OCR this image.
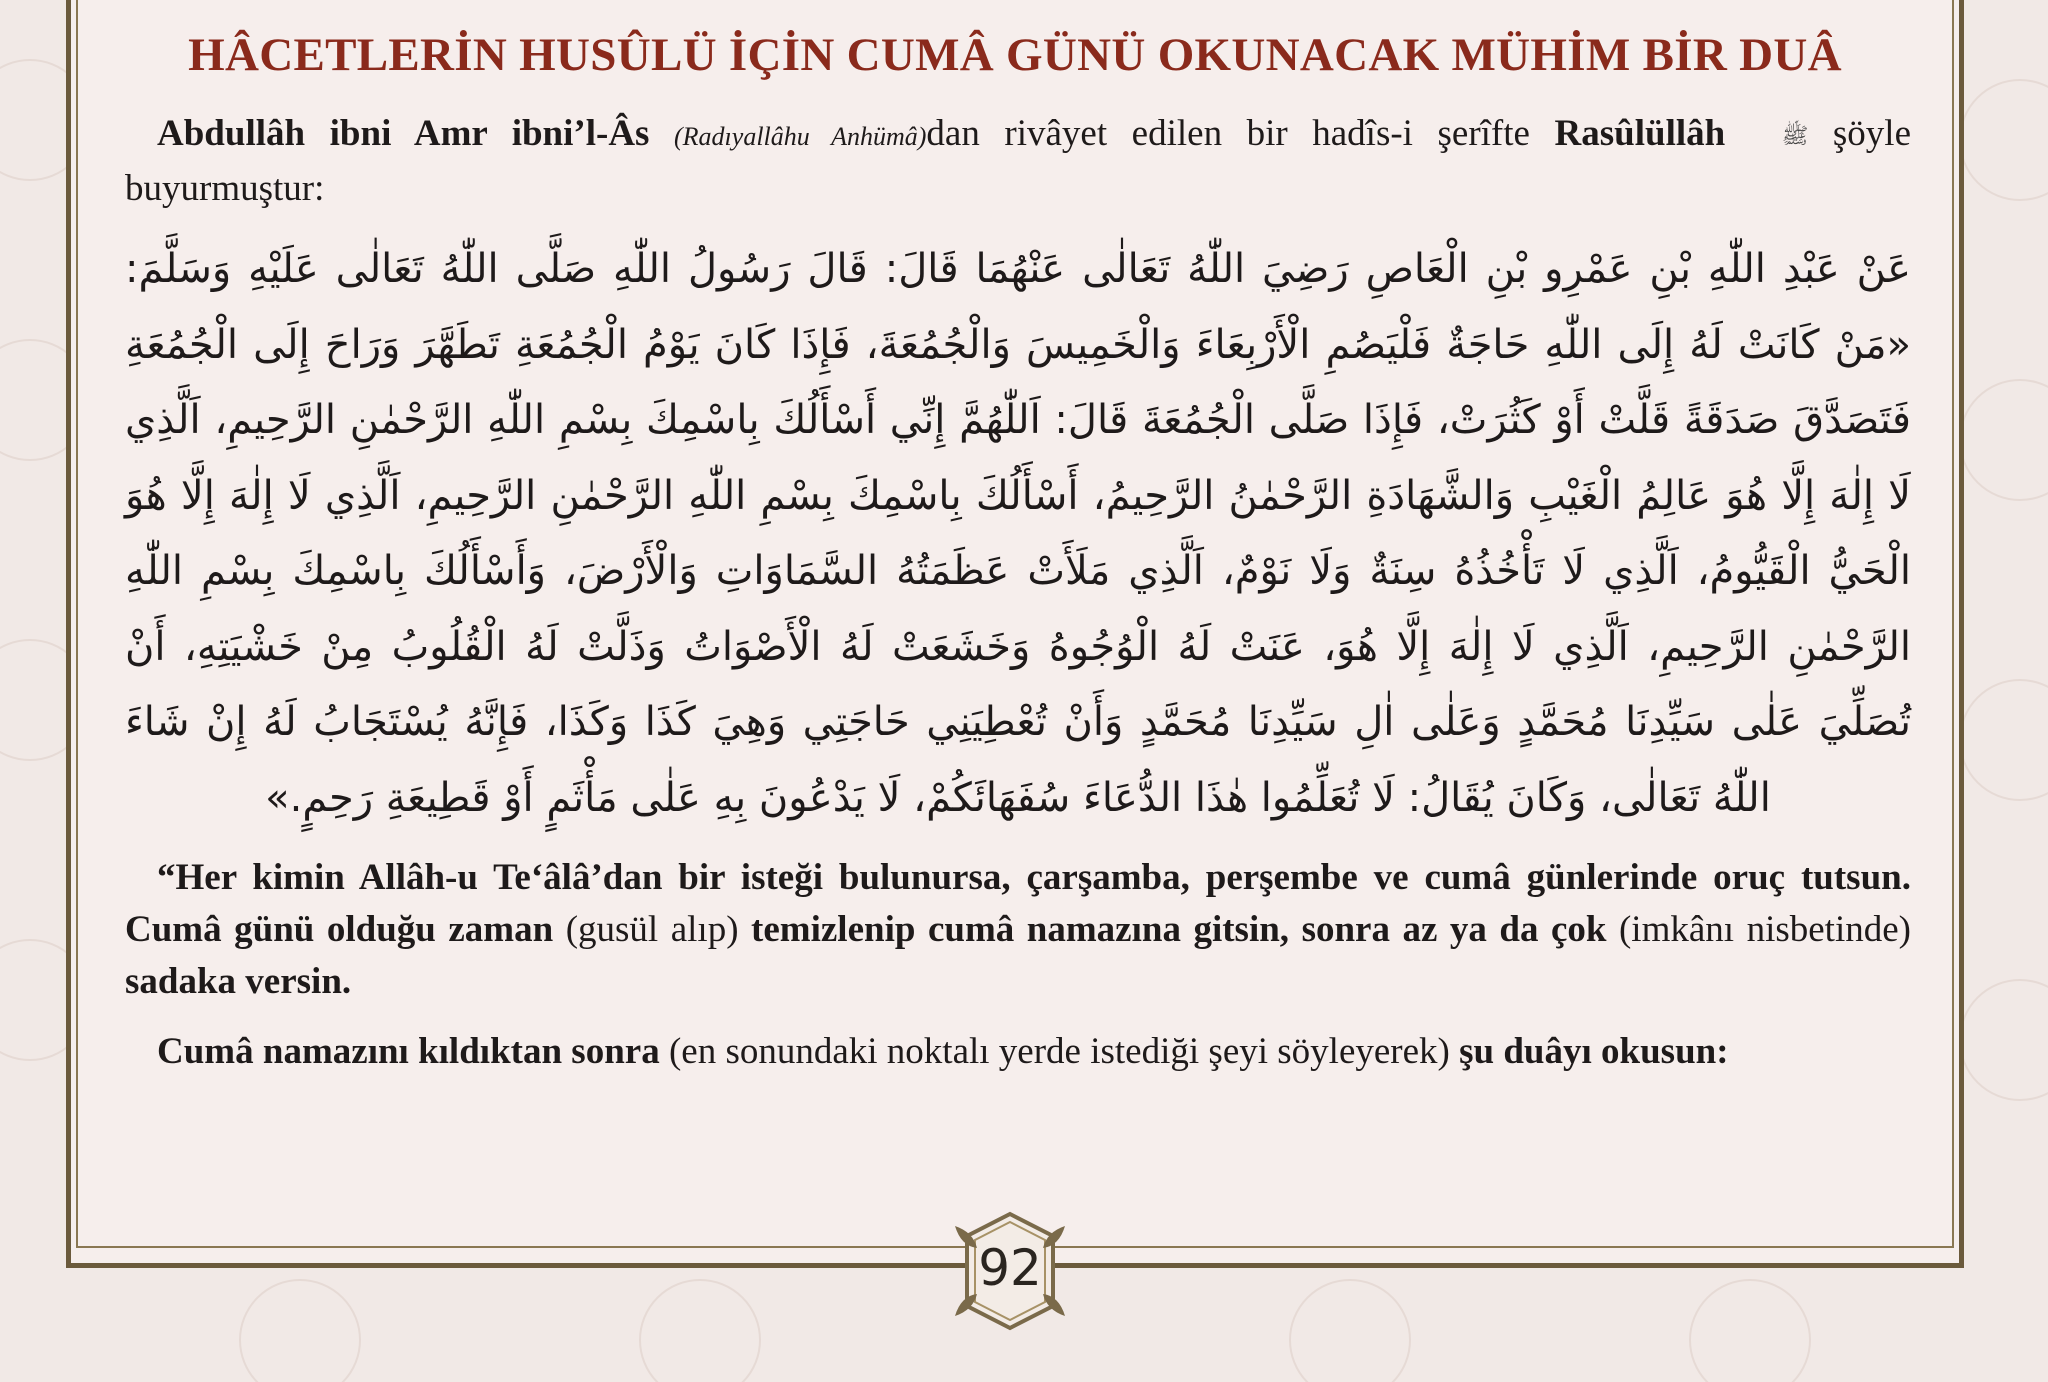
HÂCETLERİN HUSÛLÜ İÇİN CUMÂ GÜNÜ OKUNACAK MÜHİM BİR DUÂ
Abdullâh ibni Amr ibni’l-Âs (Radıyallâhu Anhümâ)dan rivâyet edilen bir hadîs-i şerîfte Rasûlüllâh	ﷺ şöyle buyurmuştur:
عَنْ عَبْدِ اللّٰهِ بْنِ عَمْرِو بْنِ الْعَاصِ رَضِيَ اللّٰهُ تَعَالٰى عَنْهُمَا قَالَ: قَالَ رَسُولُ اللّٰهِ صَلَّى اللّٰهُ تَعَالٰى عَلَيْهِ وَسَلَّمَ: «مَنْ كَانَتْ لَهُ إِلَى اللّٰهِ حَاجَةٌ فَلْيَصُمِ الْأَرْبِعَاءَ وَالْخَمِيسَ وَالْجُمُعَةَ، فَإِذَا كَانَ يَوْمُ الْجُمُعَةِ تَطَهَّرَ وَرَاحَ إِلَى الْجُمُعَةِ فَتَصَدَّقَ صَدَقَةً قَلَّتْ أَوْ كَثُرَتْ، فَإِذَا صَلَّى الْجُمُعَةَ قَالَ: اَللّٰهُمَّ إِنِّي أَسْأَلُكَ بِاسْمِكَ بِسْمِ اللّٰهِ الرَّحْمٰنِ الرَّحِيمِ، اَلَّذِي لَا إِلٰهَ إِلَّا هُوَ عَالِمُ الْغَيْبِ وَالشَّهَادَةِ الرَّحْمٰنُ الرَّحِيمُ، أَسْأَلُكَ بِاسْمِكَ بِسْمِ اللّٰهِ الرَّحْمٰنِ الرَّحِيمِ، اَلَّذِي لَا إِلٰهَ إِلَّا هُوَ الْحَيُّ الْقَيُّومُ، اَلَّذِي لَا تَأْخُذُهُ سِنَةٌ وَلَا نَوْمٌ، اَلَّذِي مَلَأَتْ عَظَمَتُهُ السَّمَاوَاتِ وَالْأَرْضَ، وَأَسْأَلُكَ بِاسْمِكَ بِسْمِ اللّٰهِ الرَّحْمٰنِ الرَّحِيمِ، اَلَّذِي لَا إِلٰهَ إِلَّا هُوَ، عَنَتْ لَهُ الْوُجُوهُ وَخَشَعَتْ لَهُ الْأَصْوَاتُ وَذَلَّتْ لَهُ الْقُلُوبُ مِنْ خَشْيَتِهِ، أَنْ تُصَلِّيَ عَلٰى سَيِّدِنَا مُحَمَّدٍ وَعَلٰى اٰلِ سَيِّدِنَا مُحَمَّدٍ وَأَنْ تُعْطِيَنِي حَاجَتِي وَهِيَ كَذَا وَكَذَا، فَإِنَّهُ يُسْتَجَابُ لَهُ إِنْ شَاءَ اللّٰهُ تَعَالٰى، وَكَانَ يُقَالُ: لَا تُعَلِّمُوا هٰذَا الدُّعَاءَ سُفَهَائَكُمْ، لَا يَدْعُونَ بِهِ عَلٰى مَأْثَمٍ أَوْ قَطِيعَةِ رَحِمٍ.»
“Her kimin Allâh-u Te‘âlâ’dan bir isteği bulunursa, çarşamba, perşembe ve cumâ günlerinde oruç tutsun. Cumâ günü olduğu zaman (gusül alıp) temizlenip cumâ namazına gitsin, sonra az ya da çok (imkânı nisbetinde) sadaka versin.
Cumâ namazını kıldıktan sonra (en sonundaki noktalı yerde istediği şeyi söyleyerek) şu duâyı okusun:
92
